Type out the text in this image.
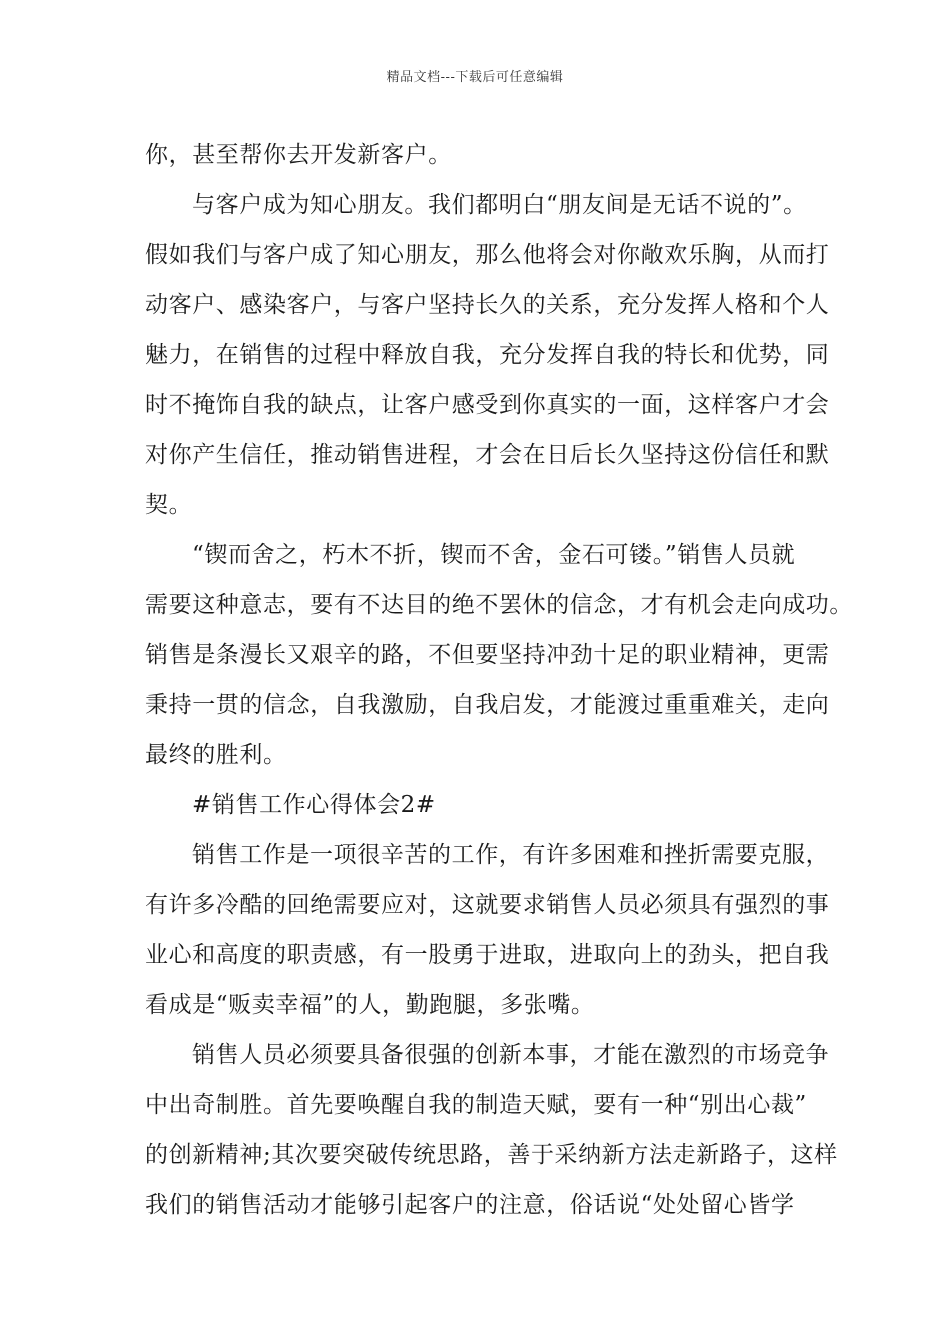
精品文档---下载后可任意编辑
你，甚至帮你去开发新客户。
与客户成为知心朋友。我们都明白“朋友间是无话不说的”。
假如我们与客户成了知心朋友，那么他将会对你敞欢乐胸，从而打
动客户、感染客户，与客户坚持长久的关系，充分发挥人格和个人
魅力，在销售的过程中释放自我，充分发挥自我的特长和优势，同
时不掩饰自我的缺点，让客户感受到你真实的一面，这样客户才会
对你产生信任，推动销售进程，才会在日后长久坚持这份信任和默
契。
“锲而舍之，朽木不折，锲而不舍，金石可镂。”销售人员就
需要这种意志，要有不达目的绝不罢休的信念，才有机会走向成功。
销售是条漫长又艰辛的路，不但要坚持冲劲十足的职业精神，更需
秉持一贯的信念，自我激励，自我启发，才能渡过重重难关，走向
最终的胜利。
#销售工作心得体会2#
销售工作是一项很辛苦的工作，有许多困难和挫折需要克服，
有许多冷酷的回绝需要应对，这就要求销售人员必须具有强烈的事
业心和高度的职责感，有一股勇于进取，进取向上的劲头，把自我
看成是“贩卖幸福”的人，勤跑腿，多张嘴。
销售人员必须要具备很强的创新本事，才能在激烈的市场竞争
中出奇制胜。首先要唤醒自我的制造天赋，要有一种“别出心裁”
的创新精神;其次要突破传统思路，善于采纳新方法走新路子，这样
我们的销售活动才能够引起客户的注意，俗话说“处处留心皆学
